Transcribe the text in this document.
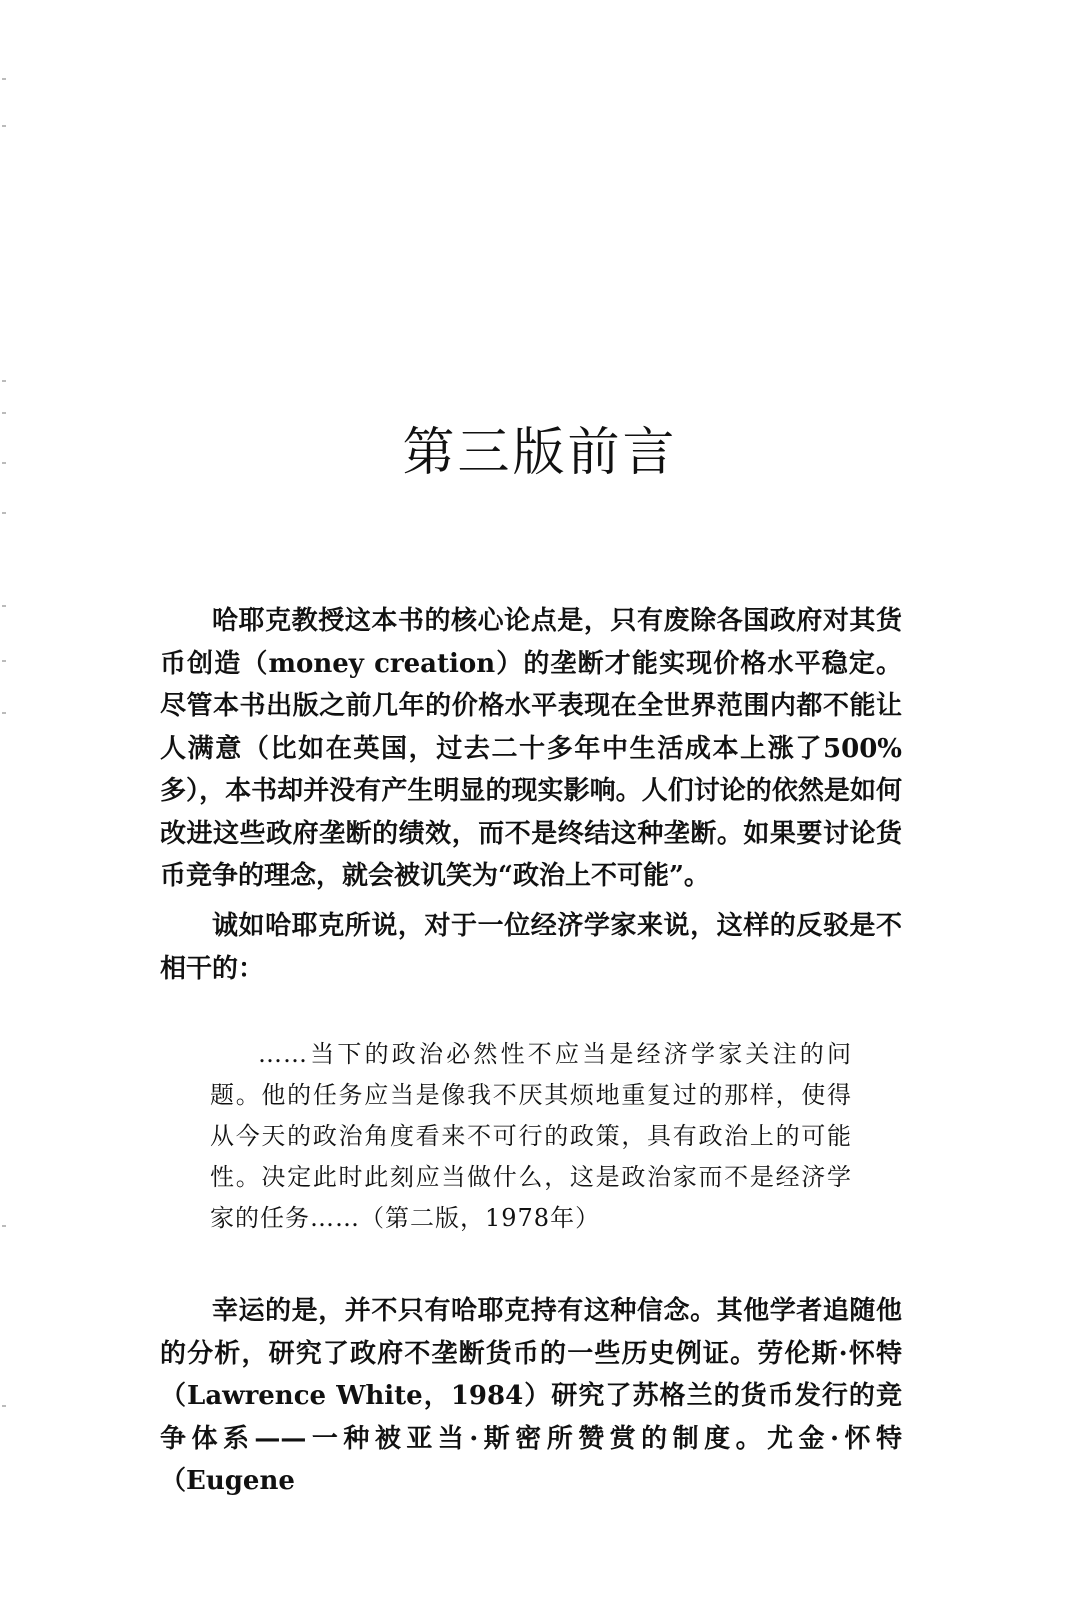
第三版前言

哈耶克教授这本书的核心论点是，只有废除各国政府对其货币创造（money creation）的垄断才能实现价格水平稳定。尽管本书出版之前几年的价格水平表现在全世界范围内都不能让人满意（比如在英国，过去二十多年中生活成本上涨了500%多），本书却并没有产生明显的现实影响。人们讨论的依然是如何改进这些政府垄断的绩效，而不是终结这种垄断。如果要讨论货币竞争的理念，就会被讥笑为“政治上不可能”。

诚如哈耶克所说，对于一位经济学家来说，这样的反驳是不相干的：

……当下的政治必然性不应当是经济学家关注的问题。他的任务应当是像我不厌其烦地重复过的那样，使得从今天的政治角度看来不可行的政策，具有政治上的可能性。决定此时此刻应当做什么，这是政治家而不是经济学家的任务……（第二版，1978年）

幸运的是，并不只有哈耶克持有这种信念。其他学者追随他的分析，研究了政府不垄断货币的一些历史例证。劳伦斯·怀特（Lawrence White，1984）研究了苏格兰的货币发行的竞争体系——一种被亚当·斯密所赞赏的制度。尤金·怀特（Eugene
